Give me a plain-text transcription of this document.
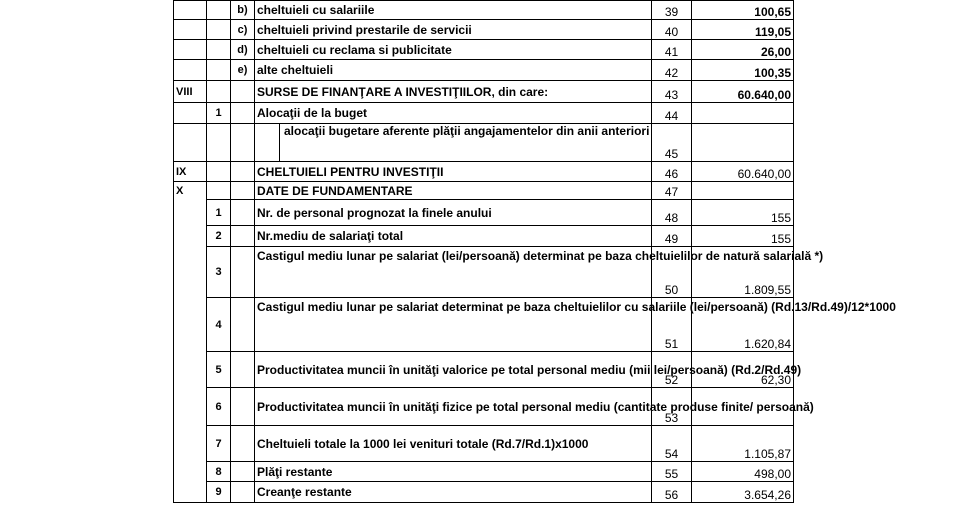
		b)	cheltuieli cu salariile	39	100,65
		c)	cheltuieli privind prestarile de servicii	40	119,05
		d)	cheltuieli cu reclama si publicitate	41	26,00
		e)	alte cheltuieli	42	100,35
VIII			SURSE DE FINANŢARE A INVESTIŢIILOR, din care:	43	60.640,00
	1		Alocaţii de la buget	44	

			alocaţii bugetare aferente plăţii angajamentelor din anii anteriori	45	
IX			CHELTUIELI PENTRU INVESTIŢII	46	60.640,00
X			DATE DE FUNDAMENTARE	47	
	1		Nr. de personal prognozat la finele anului	48	155
	2		Nr.mediu de salariaţi total	49	155
	3		Castigul mediu lunar pe salariat (lei/persoană) determinat pe baza cheltuielilor de natură salarială *)	50	1.809,55
	4		Castigul mediu lunar pe salariat determinat pe baza cheltuielilor cu salariile (lei/persoană) (Rd.13/Rd.49)/12*1000	51	1.620,84
	5		Productivitatea muncii în unităţi valorice pe total personal mediu (mii lei/persoană) (Rd.2/Rd.49)	52	62,30
	6		Productivitatea muncii în unităţi fizice pe total personal mediu (cantitate produse finite/ persoană)	53	
	7		Cheltuieli totale la 1000 lei venituri totale (Rd.7/Rd.1)x1000	54	1.105,87
	8		Plăţi restante	55	498,00
	9		Creanţe restante	56	3.654,26
